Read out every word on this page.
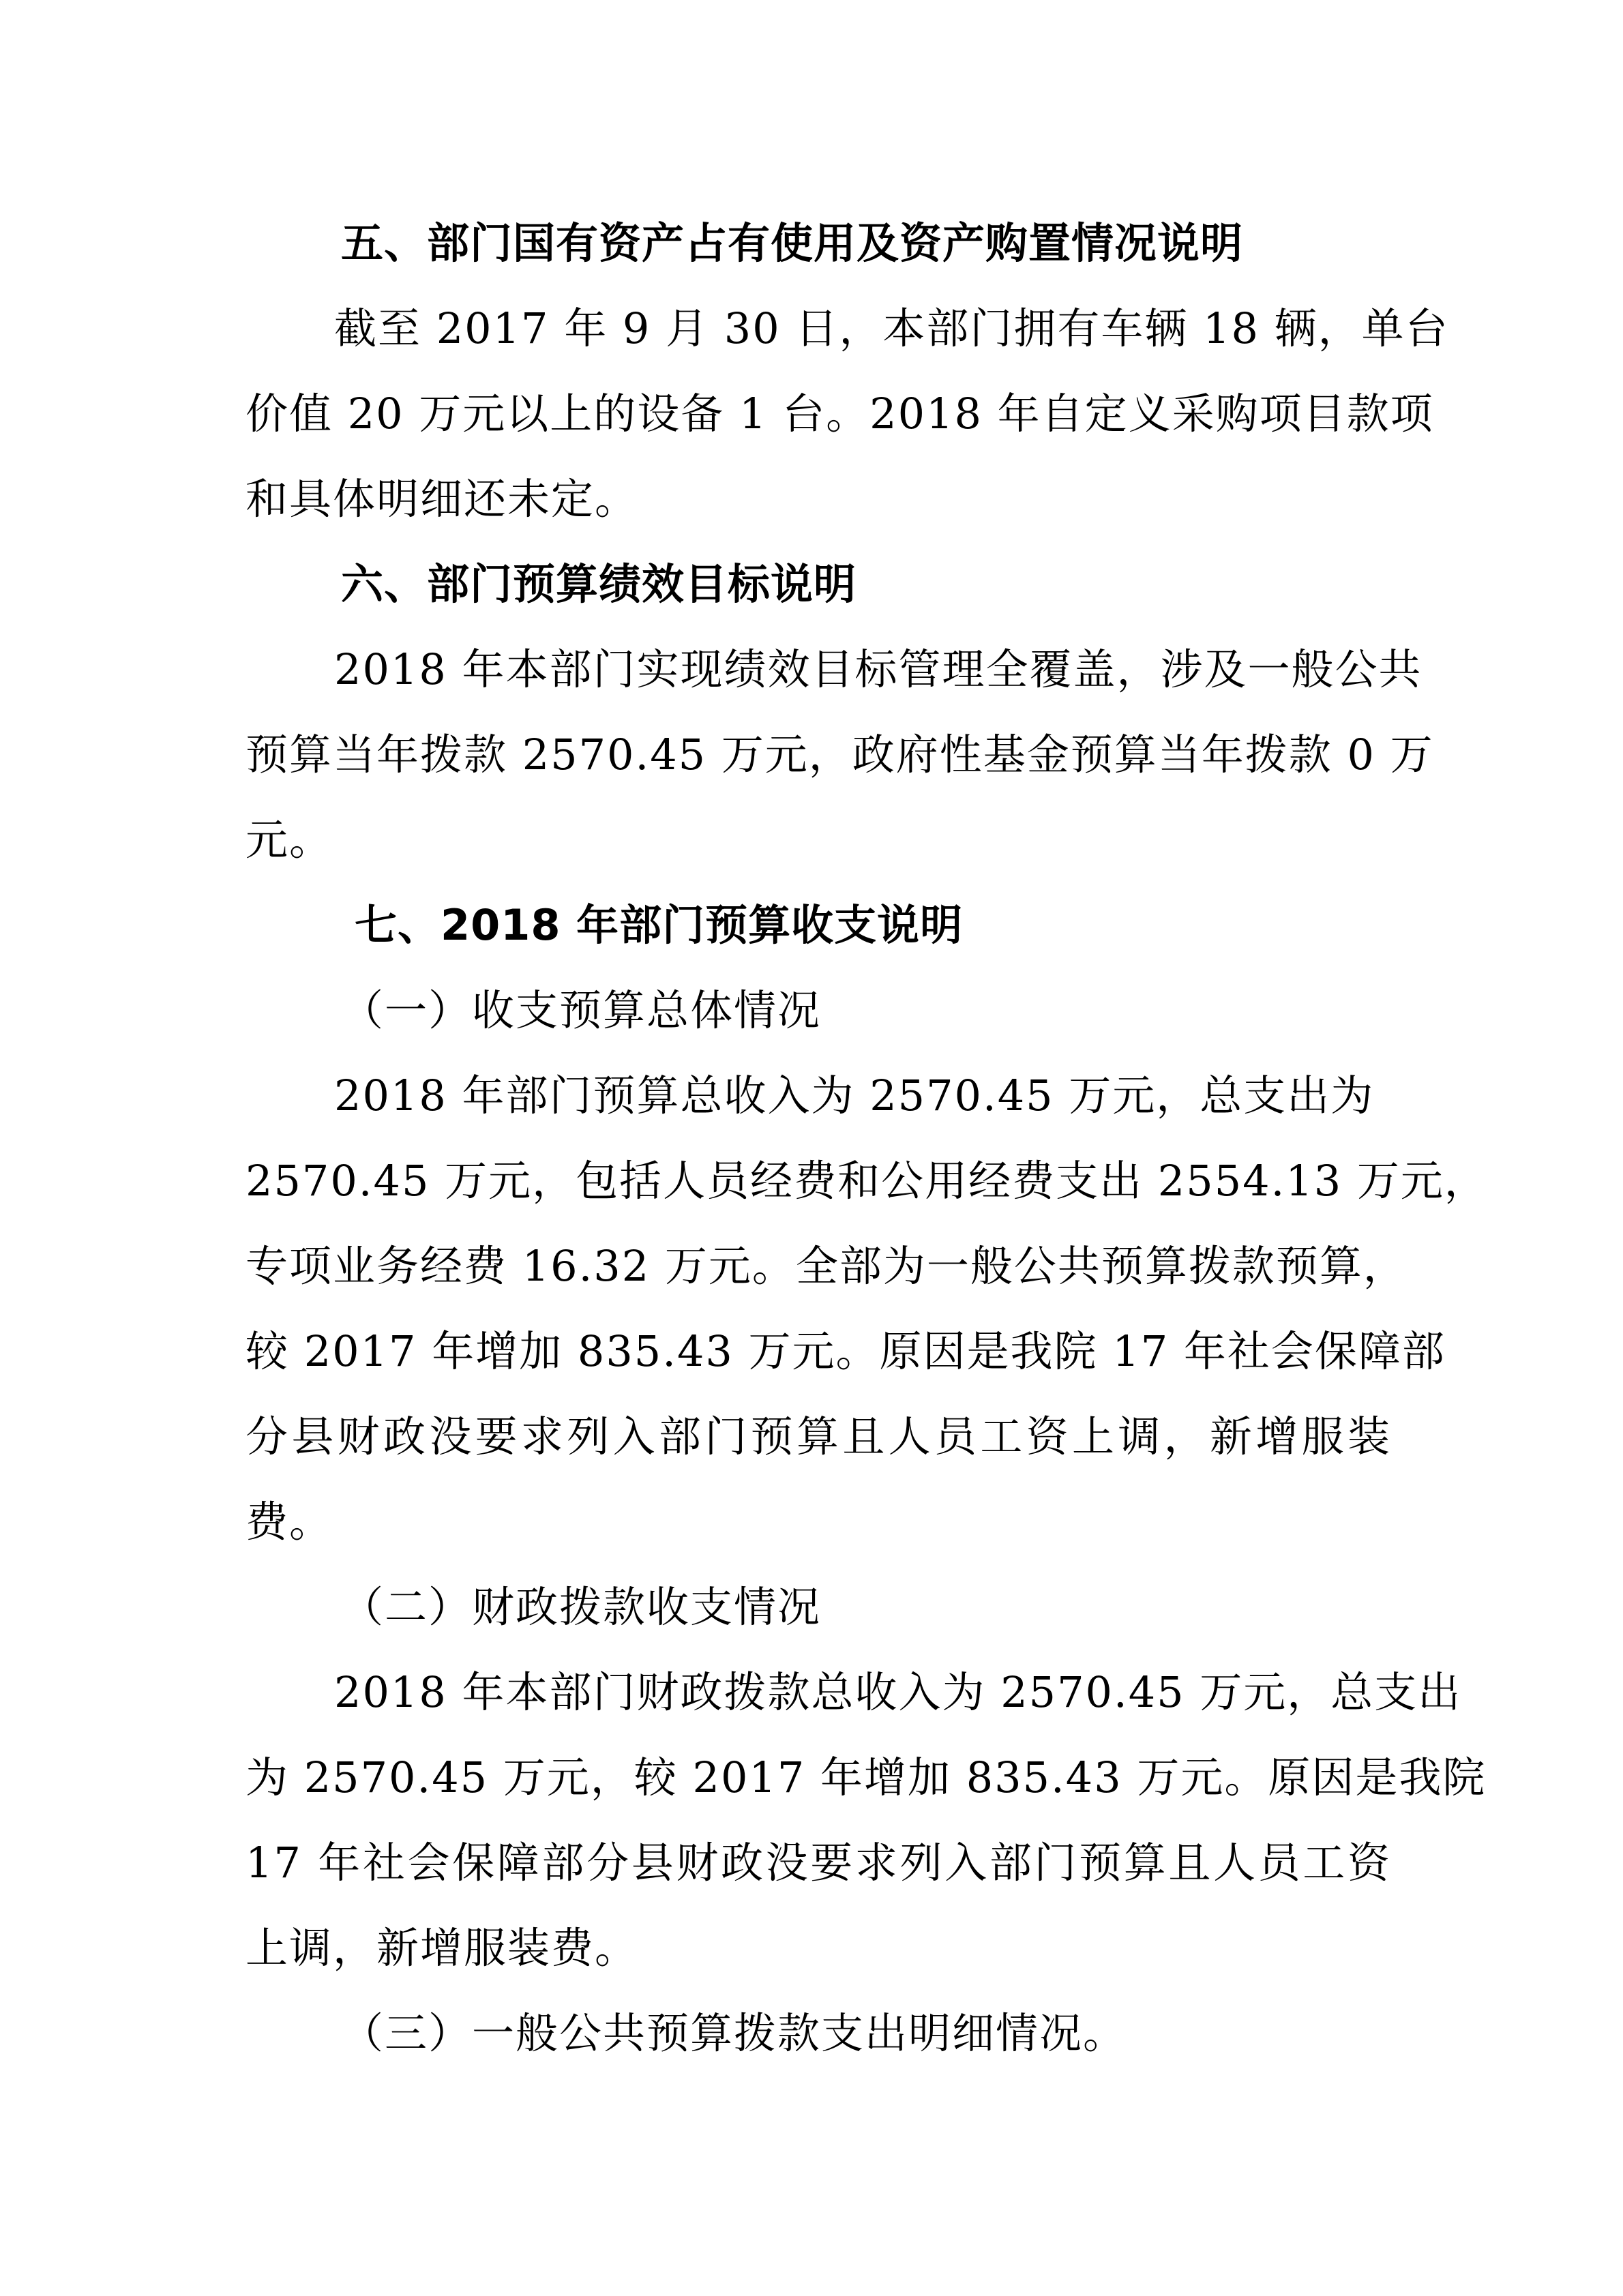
五、部门国有资产占有使用及资产购置情况说明
截至 2017 年 9 月 30 日，本部门拥有车辆 18 辆，单台
价值 20 万元以上的设备 1 台。2018 年自定义采购项目款项
和具体明细还未定。
六、部门预算绩效目标说明
2018 年本部门实现绩效目标管理全覆盖，涉及一般公共
预算当年拨款 2570.45 万元，政府性基金预算当年拨款 0 万
元。
七、2018 年部门预算收支说明
（一）收支预算总体情况
2018 年部门预算总收入为 2570.45 万元，总支出为
2570.45 万元，包括人员经费和公用经费支出 2554.13 万元，
专项业务经费 16.32 万元。全部为一般公共预算拨款预算，
较 2017 年增加 835.43 万元。原因是我院 17 年社会保障部
分县财政没要求列入部门预算且人员工资上调，新增服装
费。
（二）财政拨款收支情况
2018 年本部门财政拨款总收入为 2570.45 万元，总支出
为 2570.45 万元，较 2017 年增加 835.43 万元。原因是我院
17 年社会保障部分县财政没要求列入部门预算且人员工资
上调，新增服装费。
（三）一般公共预算拨款支出明细情况。
